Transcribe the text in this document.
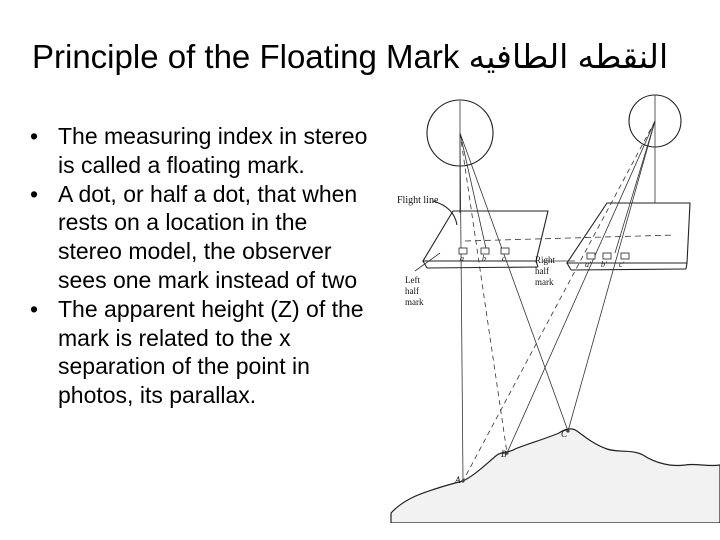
Principle of the Floating Mark النقطه الطافيه
• The measuring index in stereo is called a floating mark.
• A dot, or half a dot, that when rests on a location in the stereo model, the observer sees one mark instead of two
• The apparent height (Z) of the mark is related to the x separation of the point in photos, its parallax.
Flight line
Right
half
mark
Left
half
mark
a b c
a' b' c'
A
B
C
